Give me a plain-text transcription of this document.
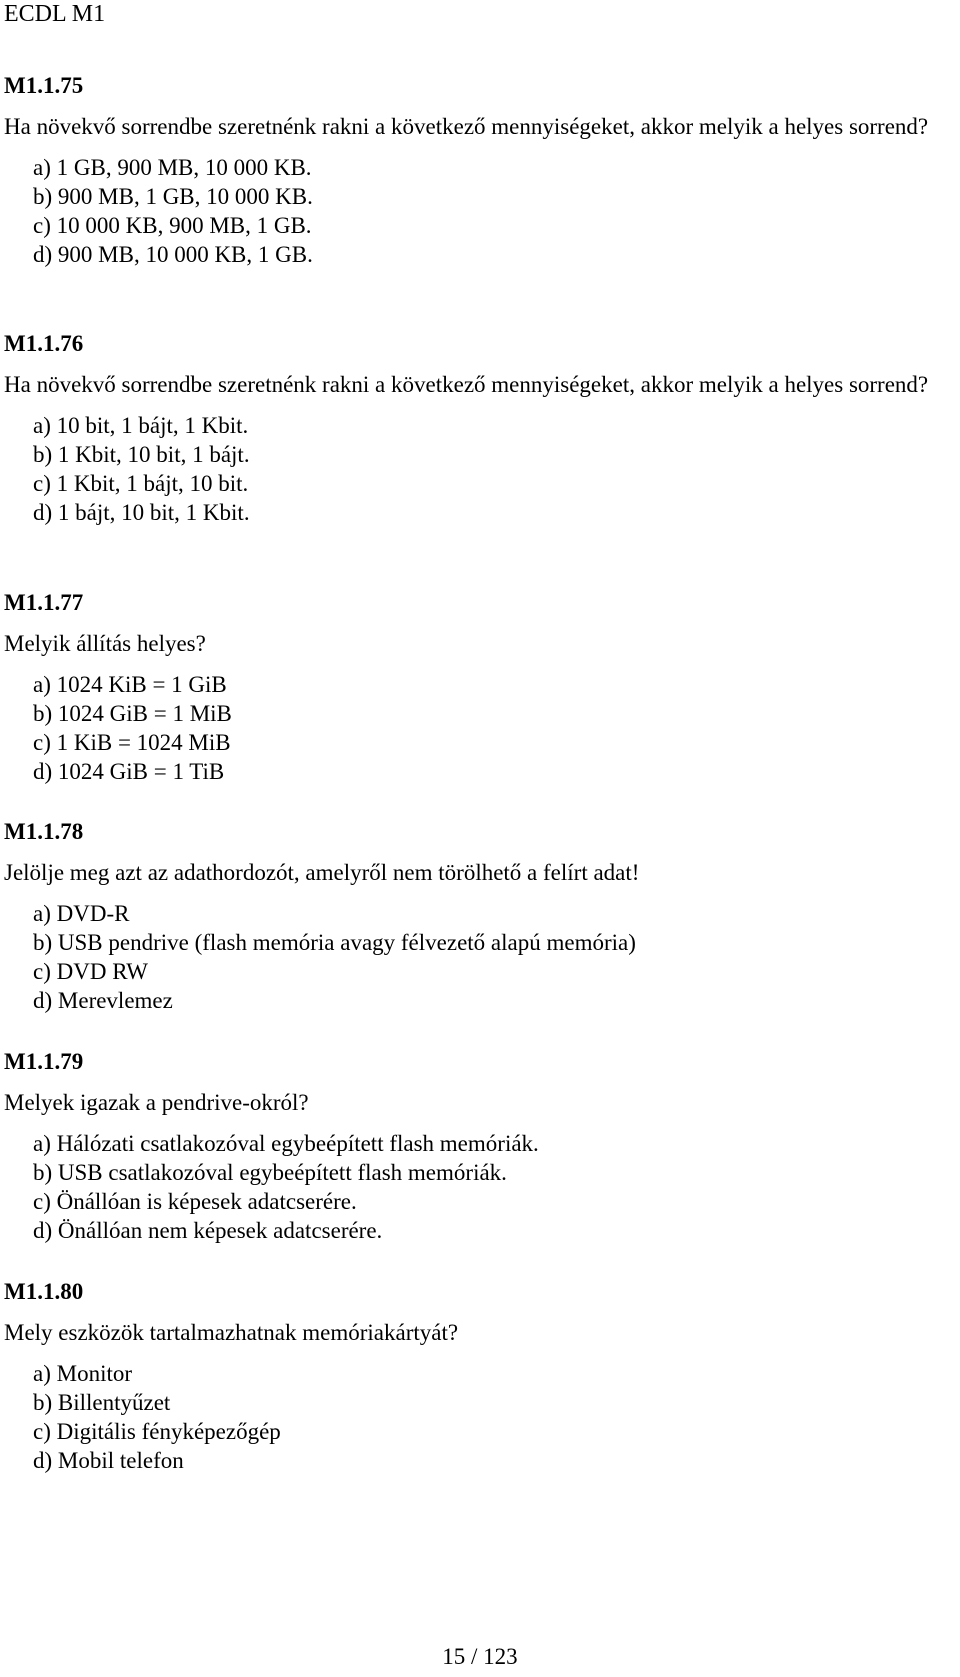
ECDL M1
M1.1.75
Ha növekvő sorrendbe szeretnénk rakni a következő mennyiségeket, akkor melyik a helyes sorrend?
a) 1 GB, 900 MB, 10 000 KB.
b) 900 MB, 1 GB, 10 000 KB.
c) 10 000 KB, 900 MB, 1 GB.
d) 900 MB, 10 000 KB, 1 GB.
M1.1.76
Ha növekvő sorrendbe szeretnénk rakni a következő mennyiségeket, akkor melyik a helyes sorrend?
a) 10 bit, 1 bájt, 1 Kbit.
b) 1 Kbit, 10 bit, 1 bájt.
c) 1 Kbit, 1 bájt, 10 bit.
d) 1 bájt, 10 bit, 1 Kbit.
M1.1.77
Melyik állítás helyes?
a) 1024 KiB = 1 GiB
b) 1024 GiB = 1 MiB
c) 1 KiB = 1024 MiB
d) 1024 GiB = 1 TiB
M1.1.78
Jelölje meg azt az adathordozót, amelyről nem törölhető a felírt adat!
a) DVD-R
b) USB pendrive (flash memória avagy félvezető alapú memória)
c) DVD RW
d) Merevlemez
M1.1.79
Melyek igazak a pendrive-okról?
a) Hálózati csatlakozóval egybeépített flash memóriák.
b) USB csatlakozóval egybeépített flash memóriák.
c) Önállóan is képesek adatcserére.
d) Önállóan nem képesek adatcserére.
M1.1.80
Mely eszközök tartalmazhatnak memóriakártyát?
a) Monitor
b) Billentyűzet
c) Digitális fényképezőgép
d) Mobil telefon
15 / 123
